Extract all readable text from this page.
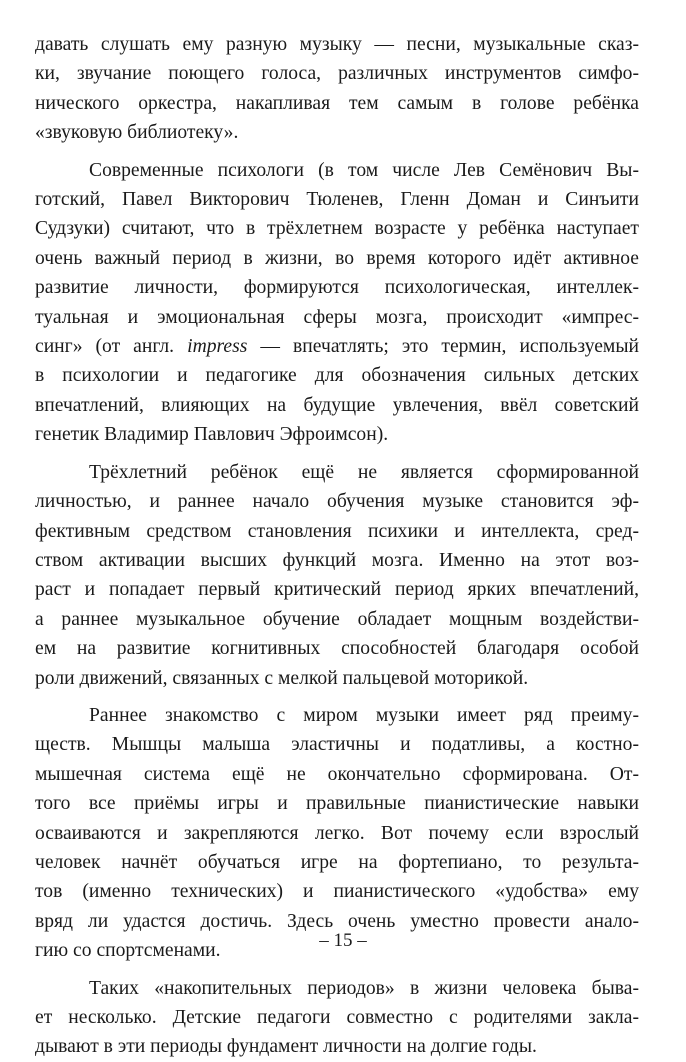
давать слушать ему разную музыку — песни, музыкальные сказ-
ки, звучание поющего голоса, различных инструментов симфо-
нического оркестра, накапливая тем самым в голове ребёнка
«звуковую библиотеку».
Современные психологи (в том числе Лев Семёнович Вы-
готский, Павел Викторович Тюленев, Гленн Доман и Синъити
Судзуки) считают, что в трёхлетнем возрасте у ребёнка наступает
очень важный период в жизни, во время которого идёт активное
развитие личности, формируются психологическая, интеллек-
туальная и эмоциональная сферы мозга, происходит «импрес-
синг» (от англ. impress — впечатлять; это термин, используемый
в психологии и педагогике для обозначения сильных детских
впечатлений, влияющих на будущие увлечения, ввёл советский
генетик Владимир Павлович Эфроимсон).
Трёхлетний ребёнок ещё не является сформированной
личностью, и раннее начало обучения музыке становится эф-
фективным средством становления психики и интеллекта, сред-
ством активации высших функций мозга. Именно на этот воз-
раст и попадает первый критический период ярких впечатлений,
а раннее музыкальное обучение обладает мощным воздействи-
ем на развитие когнитивных способностей благодаря особой
роли движений, связанных с мелкой пальцевой моторикой.
Раннее знакомство с миром музыки имеет ряд преиму-
ществ. Мышцы малыша эластичны и податливы, а костно-
мышечная система ещё не окончательно сформирована. От-
того все приёмы игры и правильные пианистические навыки
осваиваются и закрепляются легко. Вот почему если взрослый
человек начнёт обучаться игре на фортепиано, то результа-
тов (именно технических) и пианистического «удобства» ему
вряд ли удастся достичь. Здесь очень уместно провести анало-
гию со спортсменами.
Таких «накопительных периодов» в жизни человека быва-
ет несколько. Детские педагоги совместно с родителями закла-
дывают в эти периоды фундамент личности на долгие годы.
– 15 –
